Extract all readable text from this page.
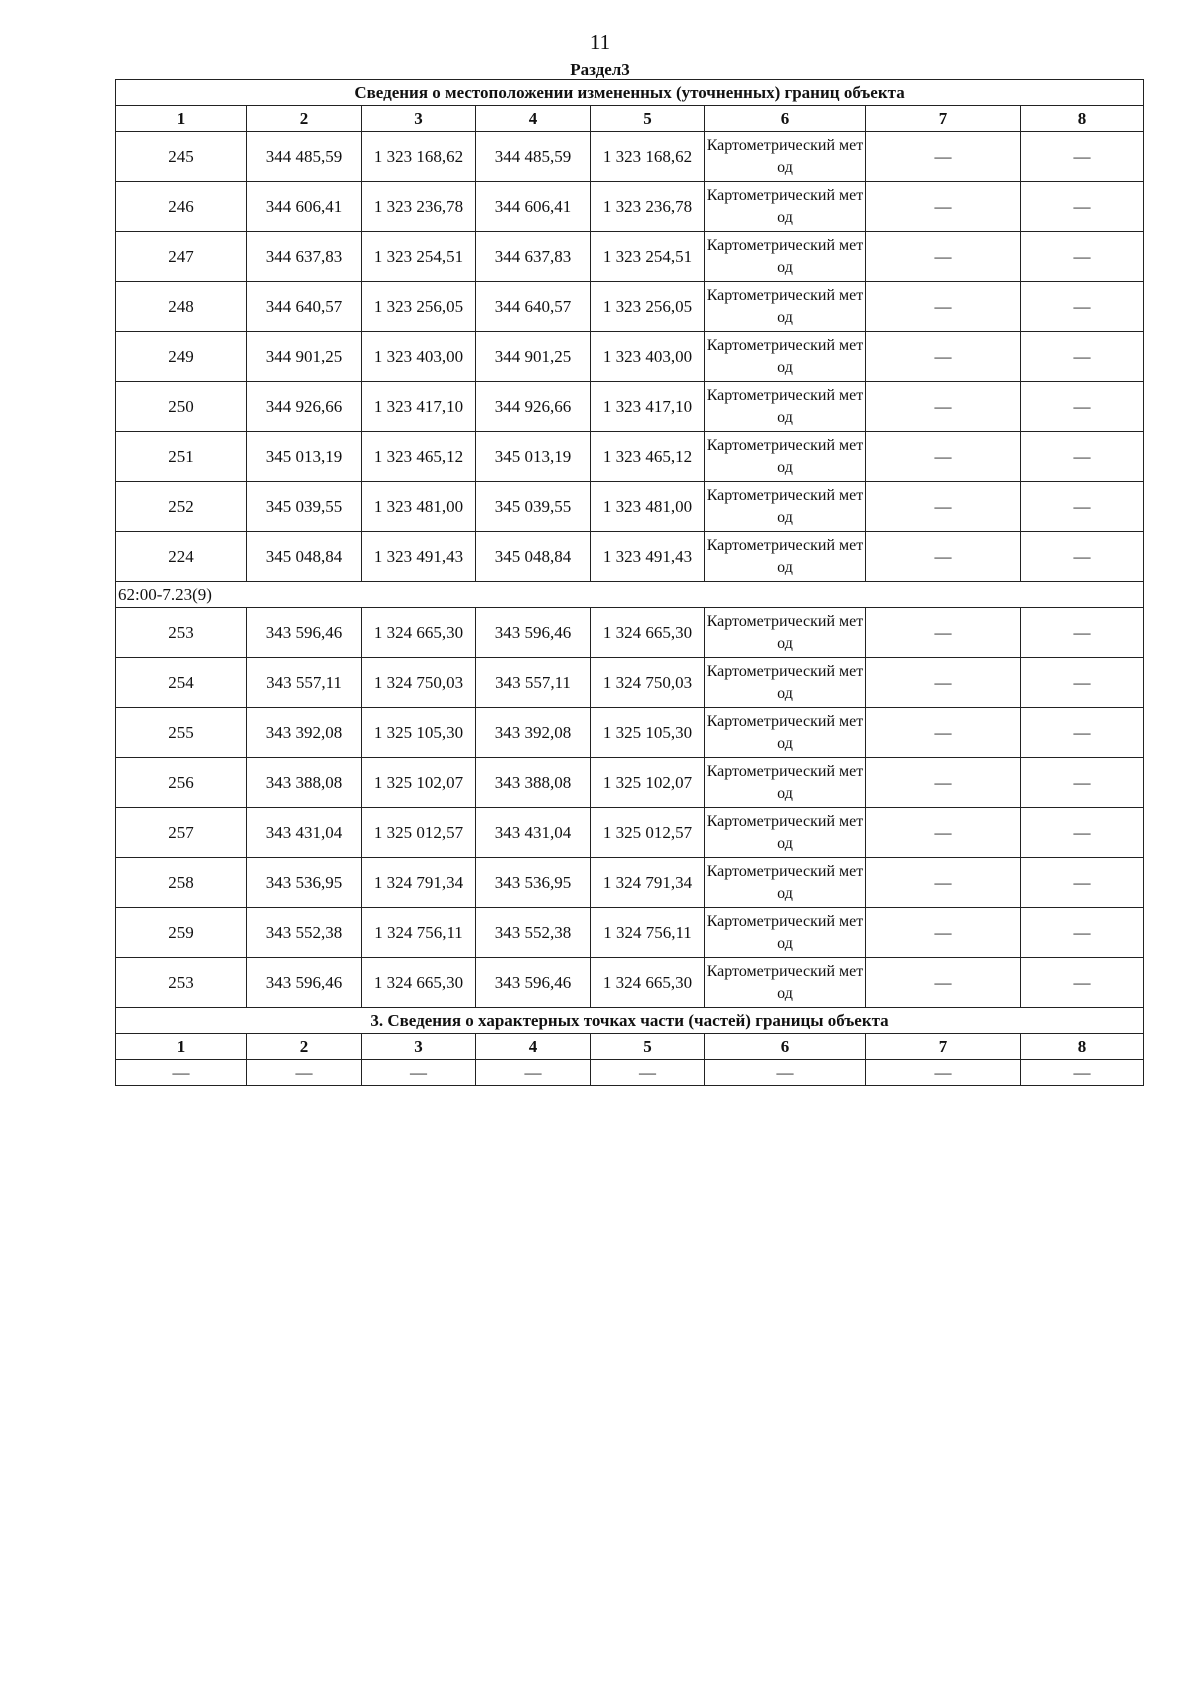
11
Раздел3
Сведения о местоположении измененных (уточненных) границ объекта							
1	2	3	4	5	6	7	8
245	344 485,59	1 323 168,62	344 485,59	1 323 168,62	Картометрический метод	—	—
246	344 606,41	1 323 236,78	344 606,41	1 323 236,78	Картометрический метод	—	—
247	344 637,83	1 323 254,51	344 637,83	1 323 254,51	Картометрический метод	—	—
248	344 640,57	1 323 256,05	344 640,57	1 323 256,05	Картометрический метод	—	—
249	344 901,25	1 323 403,00	344 901,25	1 323 403,00	Картометрический метод	—	—
250	344 926,66	1 323 417,10	344 926,66	1 323 417,10	Картометрический метод	—	—
251	345 013,19	1 323 465,12	345 013,19	1 323 465,12	Картометрический метод	—	—
252	345 039,55	1 323 481,00	345 039,55	1 323 481,00	Картометрический метод	—	—
224	345 048,84	1 323 491,43	345 048,84	1 323 491,43	Картометрический метод	—	—
62:00-7.23(9)							
253	343 596,46	1 324 665,30	343 596,46	1 324 665,30	Картометрический метод	—	—
254	343 557,11	1 324 750,03	343 557,11	1 324 750,03	Картометрический метод	—	—
255	343 392,08	1 325 105,30	343 392,08	1 325 105,30	Картометрический метод	—	—
256	343 388,08	1 325 102,07	343 388,08	1 325 102,07	Картометрический метод	—	—
257	343 431,04	1 325 012,57	343 431,04	1 325 012,57	Картометрический метод	—	—
258	343 536,95	1 324 791,34	343 536,95	1 324 791,34	Картометрический метод	—	—
259	343 552,38	1 324 756,11	343 552,38	1 324 756,11	Картометрический метод	—	—
253	343 596,46	1 324 665,30	343 596,46	1 324 665,30	Картометрический метод	—	—
3. Сведения о характерных точках части (частей) границы объекта							
1	2	3	4	5	6	7	8
—	—	—	—	—	—	—	—
